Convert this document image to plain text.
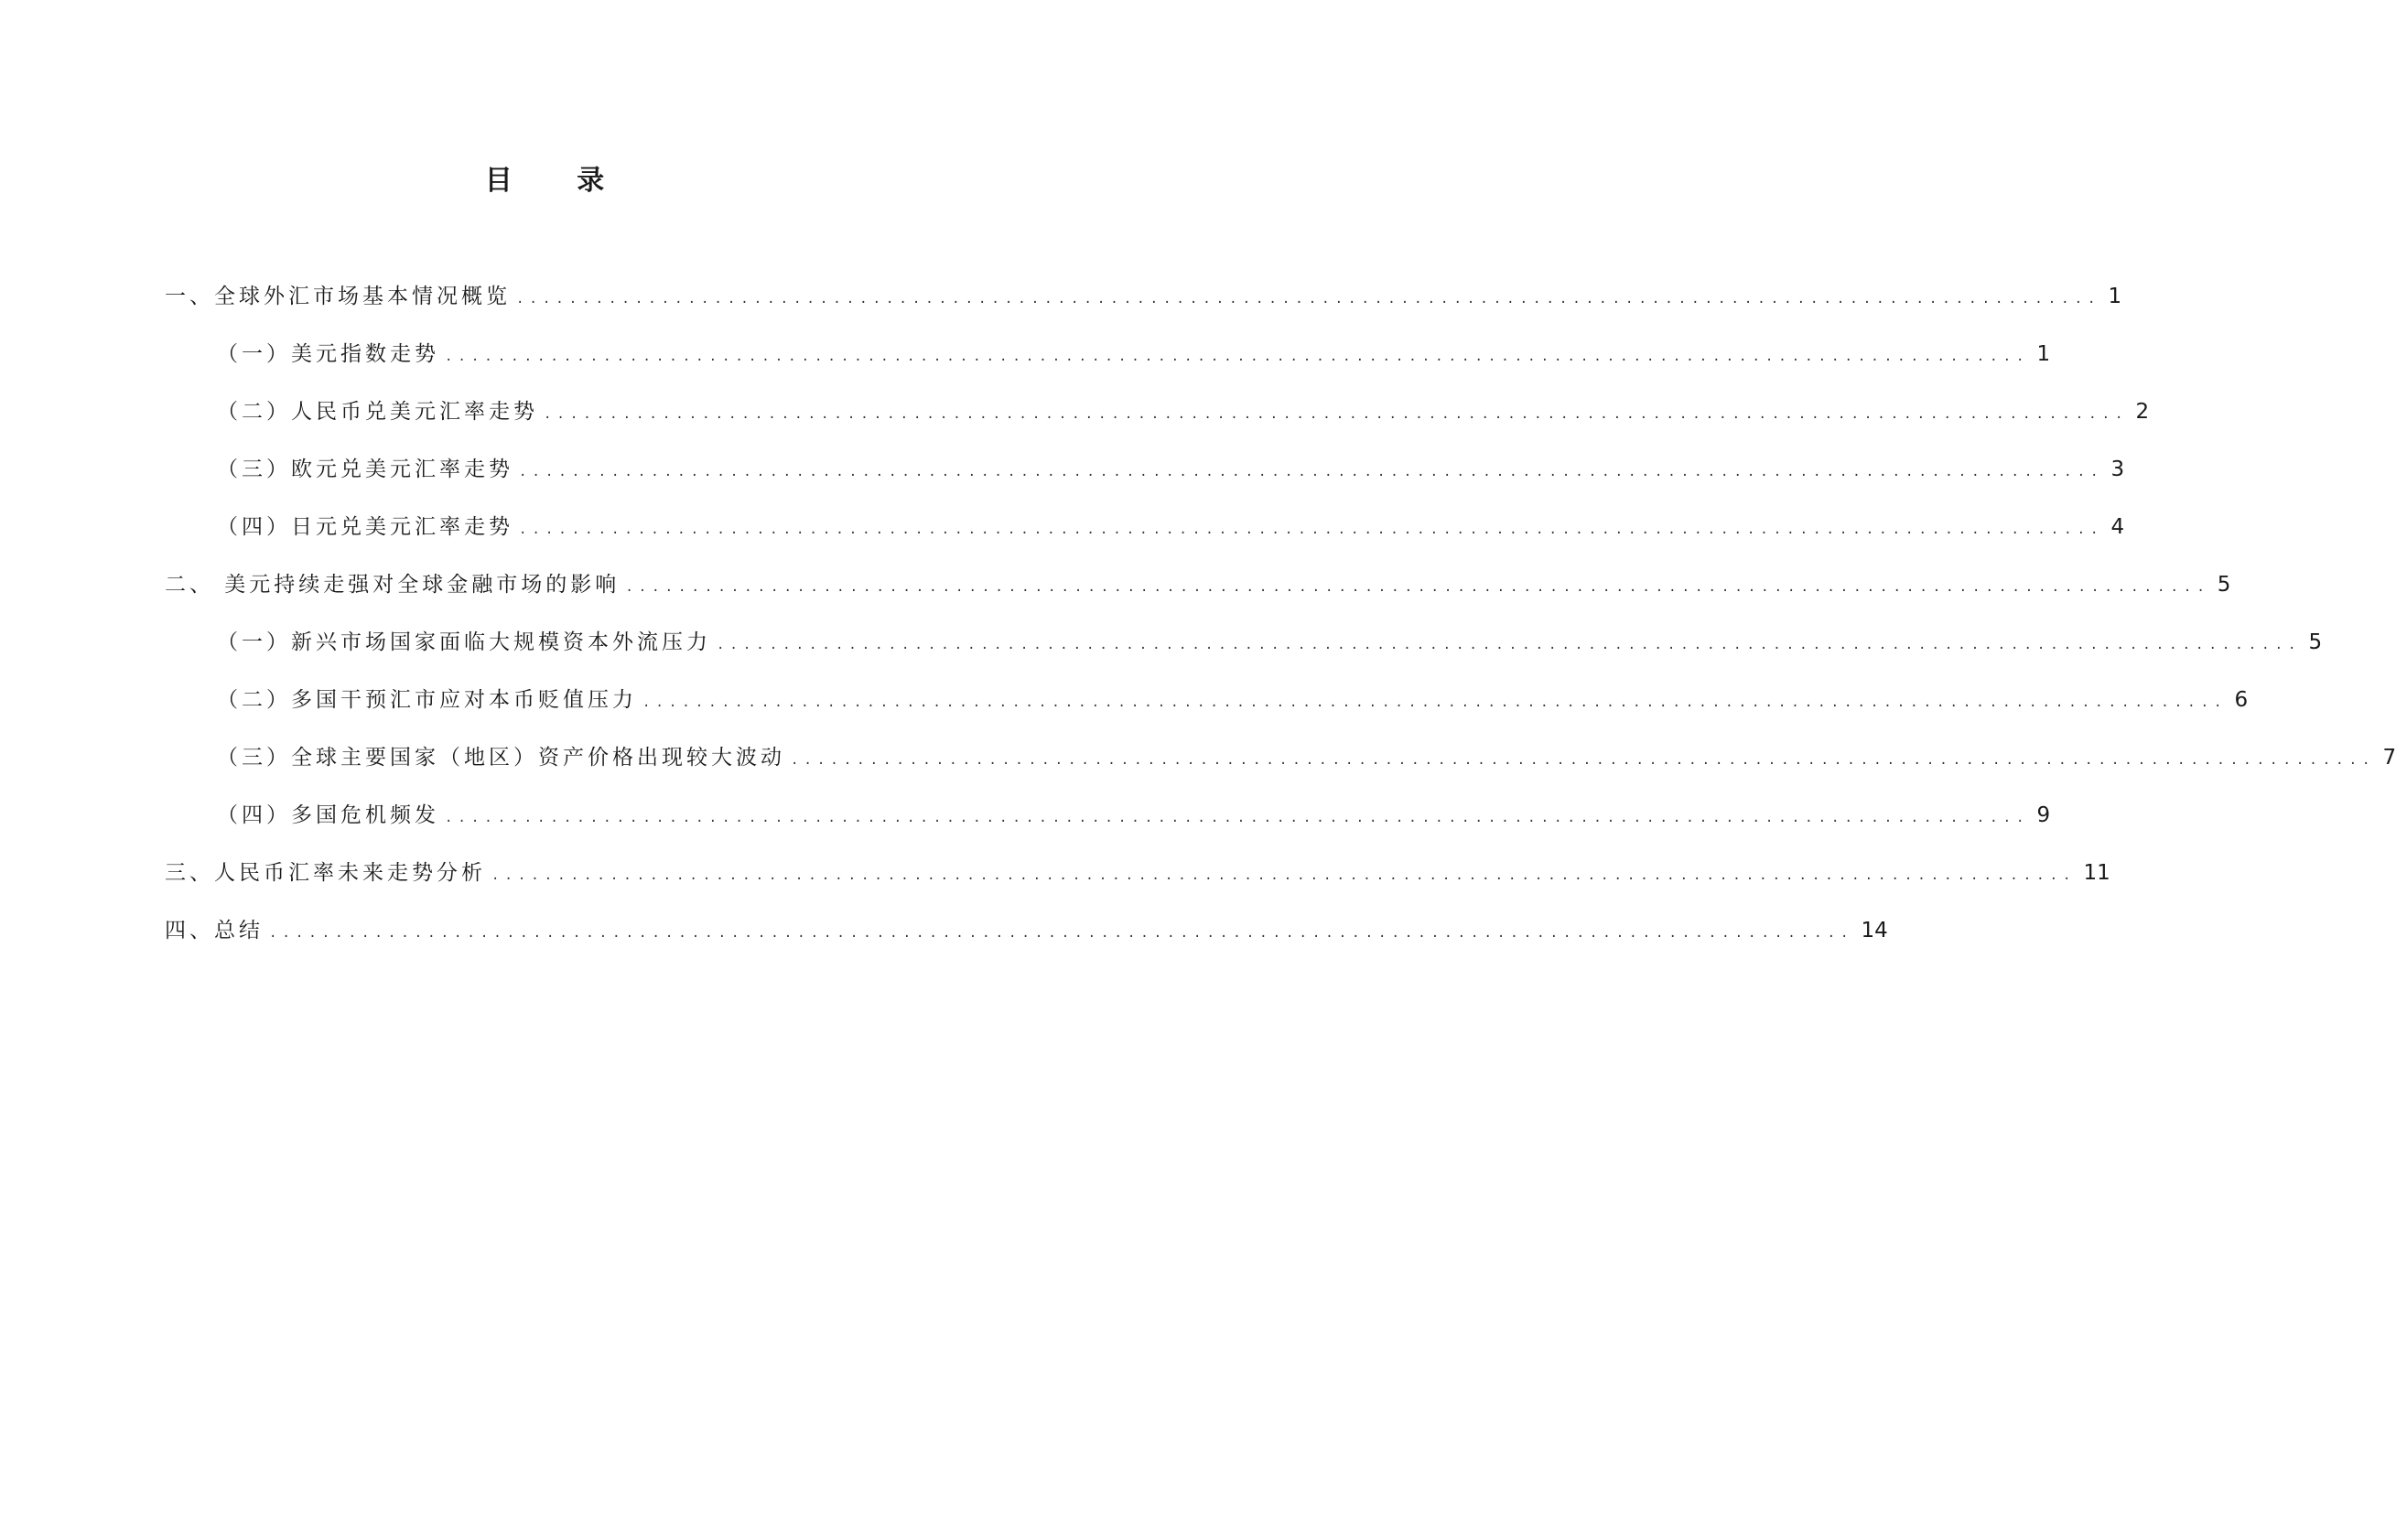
目 录
一、全球外汇市场基本情况概览 ........................................................................................................................ 1
（一）美元指数走势 ........................................................................................................................ 1
（二）人民币兑美元汇率走势 ........................................................................................................................ 2
（三）欧元兑美元汇率走势 ........................................................................................................................ 3
（四）日元兑美元汇率走势 ........................................................................................................................ 4
二、 美元持续走强对全球金融市场的影响 ........................................................................................................................ 5
（一）新兴市场国家面临大规模资本外流压力 ........................................................................................................................ 5
（二）多国干预汇市应对本币贬值压力 ........................................................................................................................ 6
（三）全球主要国家（地区）资产价格出现较大波动 ........................................................................................................................ 7
（四）多国危机频发 ........................................................................................................................ 9
三、人民币汇率未来走势分析 ........................................................................................................................ 11
四、总结 ........................................................................................................................ 14
